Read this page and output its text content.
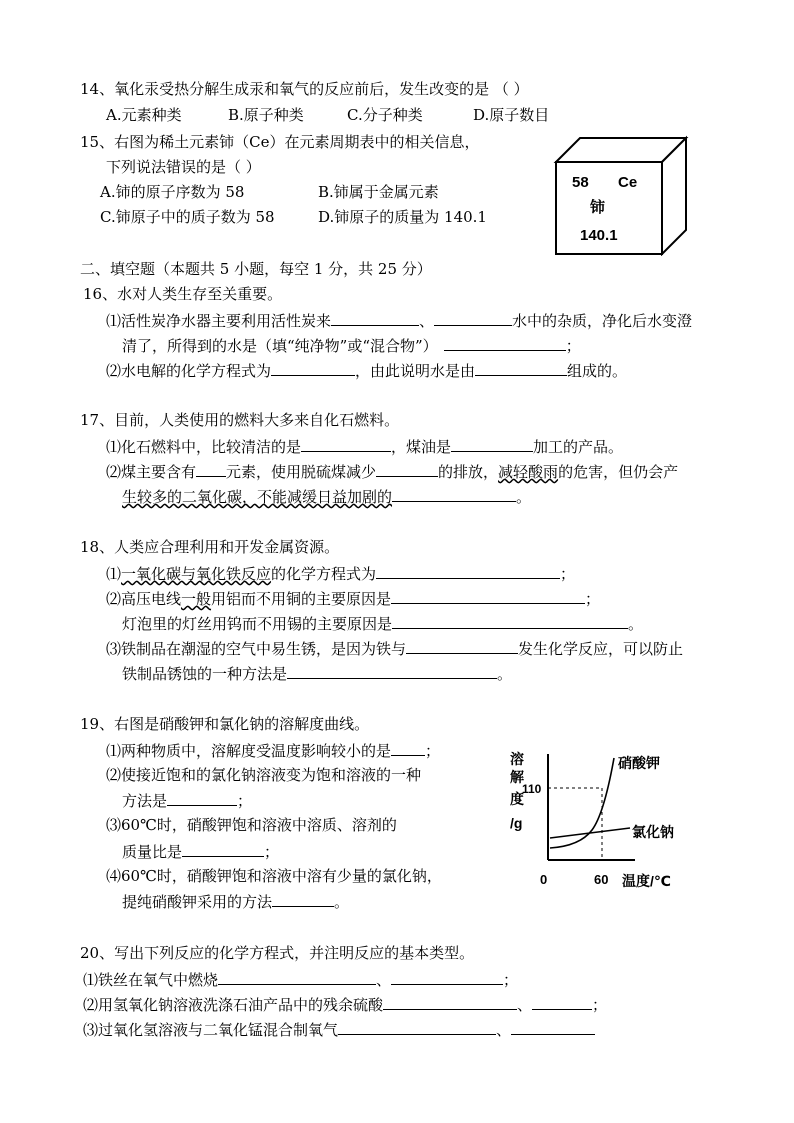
14、氧化汞受热分解生成汞和氧气的反应前后，发生改变的是 （ ）
A.元素种类	B.原子种类	C.分子种类	D.原子数目
15、右图为稀土元素铈（Ce）在元素周期表中的相关信息，
下列说法错误的是（ ）
A.铈的原子序数为 58	B.铈属于金属元素
C.铈原子中的质子数为 58	D.铈原子的质量为 140.1
58 Ce
铈
140.1
二、填空题（本题共 5 小题，每空 1 分，共 25 分）
16、水对人类生存至关重要。
⑴活性炭净水器主要利用活性炭来	、	水中的杂质，净化后水变澄
清了，所得到的水是（填“纯净物”或“混合物”）	；
⑵水电解的化学方程式为	，由此说明水是由	组成的。
17、目前，人类使用的燃料大多来自化石燃料。
⑴化石燃料中，比较清洁的是	，煤油是	加工的产品。
⑵煤主要含有 元素，使用脱硫煤减少	的排放，减轻酸雨的危害，但仍会产
生较多的二氧化碳，不能减缓日益加剧的	。
18、人类应合理利用和开发金属资源。
⑴一氧化碳与氧化铁反应的化学方程式为	；
⑵高压电线一般用铝而不用铜的主要原因是	；
灯泡里的灯丝用钨而不用锡的主要原因是	。
⑶铁制品在潮湿的空气中易生锈，是因为铁与	发生化学反应，可以防止
铁制品锈蚀的一种方法是	。
19、右图是硝酸钾和氯化钠的溶解度曲线。
⑴两种物质中，溶解度受温度影响较小的是 ；
⑵使接近饱和的氯化钠溶液变为饱和溶液的一种
方法是	；
⑶60℃时，硝酸钾饱和溶液中溶质、溶剂的
质量比是	；
⑷60℃时，硝酸钾饱和溶液中溶有少量的氯化钠，
提纯硝酸钾采用的方法	。
溶
解
度
/g
110
0	60 温度/℃
硝酸钾
氯化钠
20、写出下列反应的化学方程式，并注明反应的基本类型。
⑴铁丝在氧气中燃烧	、	；
⑵用氢氧化钠溶液洗涤石油产品中的残余硫酸	、	；
⑶过氧化氢溶液与二氧化锰混合制氧气	、
